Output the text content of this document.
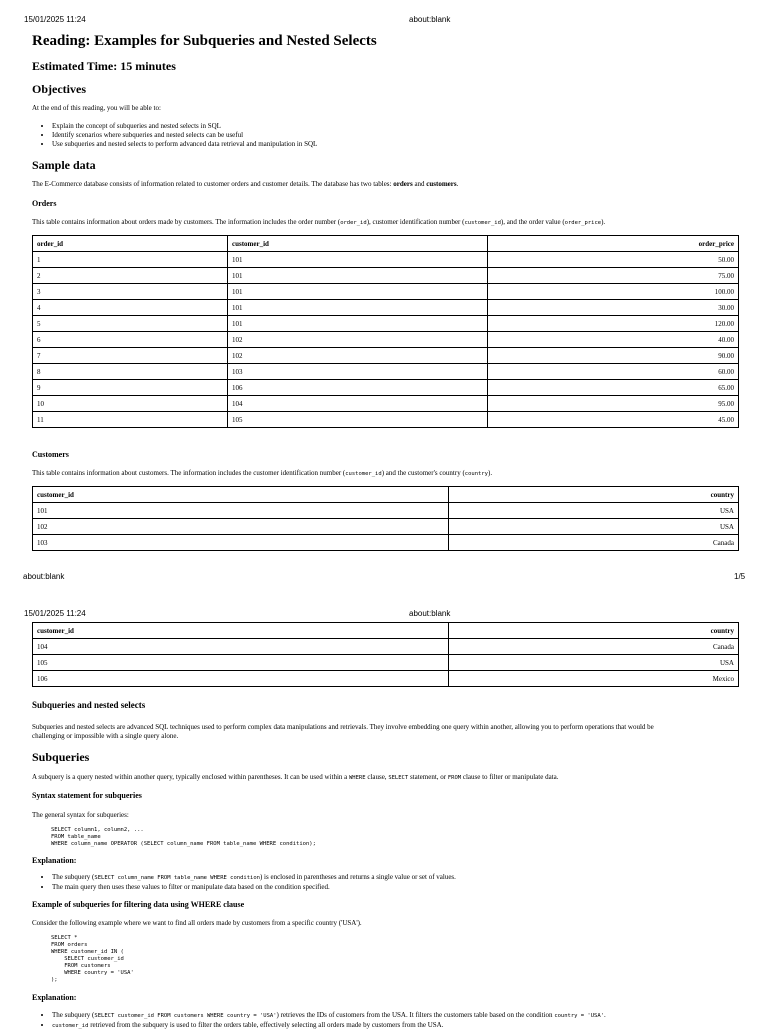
15/01/2025 11:24	about:blank
Reading: Examples for Subqueries and Nested Selects
Estimated Time: 15 minutes
Objectives
At the end of this reading, you will be able to:
• Explain the concept of subqueries and nested selects in SQL
• Identify scenarios where subqueries and nested selects can be useful
• Use subqueries and nested selects to perform advanced data retrieval and manipulation in SQL
Sample data
The E-Commerce database consists of information related to customer orders and customer details. The database has two tables: orders and customers.
Orders
This table contains information about orders made by customers. The information includes the order number (order_id), customer identification number (customer_id), and the order value (order_price).
order_id	customer_id	order_price
1	101	50.00
2	101	75.00
3	101	100.00
4	101	30.00
5	101	120.00
6	102	40.00
7	102	90.00
8	103	60.00
9	106	65.00
10	104	95.00
11	105	45.00
Customers
This table contains information about customers. The information includes the customer identification number (customer_id) and the customer's country (country).
customer_id	country
101	USA
102	USA
103	Canada
about:blank	1/5
15/01/2025 11:24	about:blank
customer_id	country
104	Canada
105	USA
106	Mexico
Subqueries and nested selects
Subqueries and nested selects are advanced SQL techniques used to perform complex data manipulations and retrievals. They involve embedding one query within another, allowing you to perform operations that would be
challenging or impossible with a single query alone.
Subqueries
A subquery is a query nested within another query, typically enclosed within parentheses. It can be used within a WHERE clause, SELECT statement, or FROM clause to filter or manipulate data.
Syntax statement for subqueries
The general syntax for subqueries:
SELECT column1, column2, ...
FROM table_name
WHERE column_name OPERATOR (SELECT column_name FROM table_name WHERE condition);
Explanation:
• The subquery (SELECT column_name FROM table_name WHERE condition) is enclosed in parentheses and returns a single value or set of values.
• The main query then uses these values to filter or manipulate data based on the condition specified.
Example of subqueries for filtering data using WHERE clause
Consider the following example where we want to find all orders made by customers from a specific country ('USA').
SELECT *
FROM orders
WHERE customer_id IN (
SELECT customer_id
FROM customers
WHERE country = 'USA'
);
Explanation:
• The subquery (SELECT customer_id FROM customers WHERE country = 'USA') retrieves the IDs of customers from the USA. It filters the customers table based on the condition country = 'USA'.
• customer_id retrieved from the subquery is used to filter the orders table, effectively selecting all orders made by customers from the USA.
